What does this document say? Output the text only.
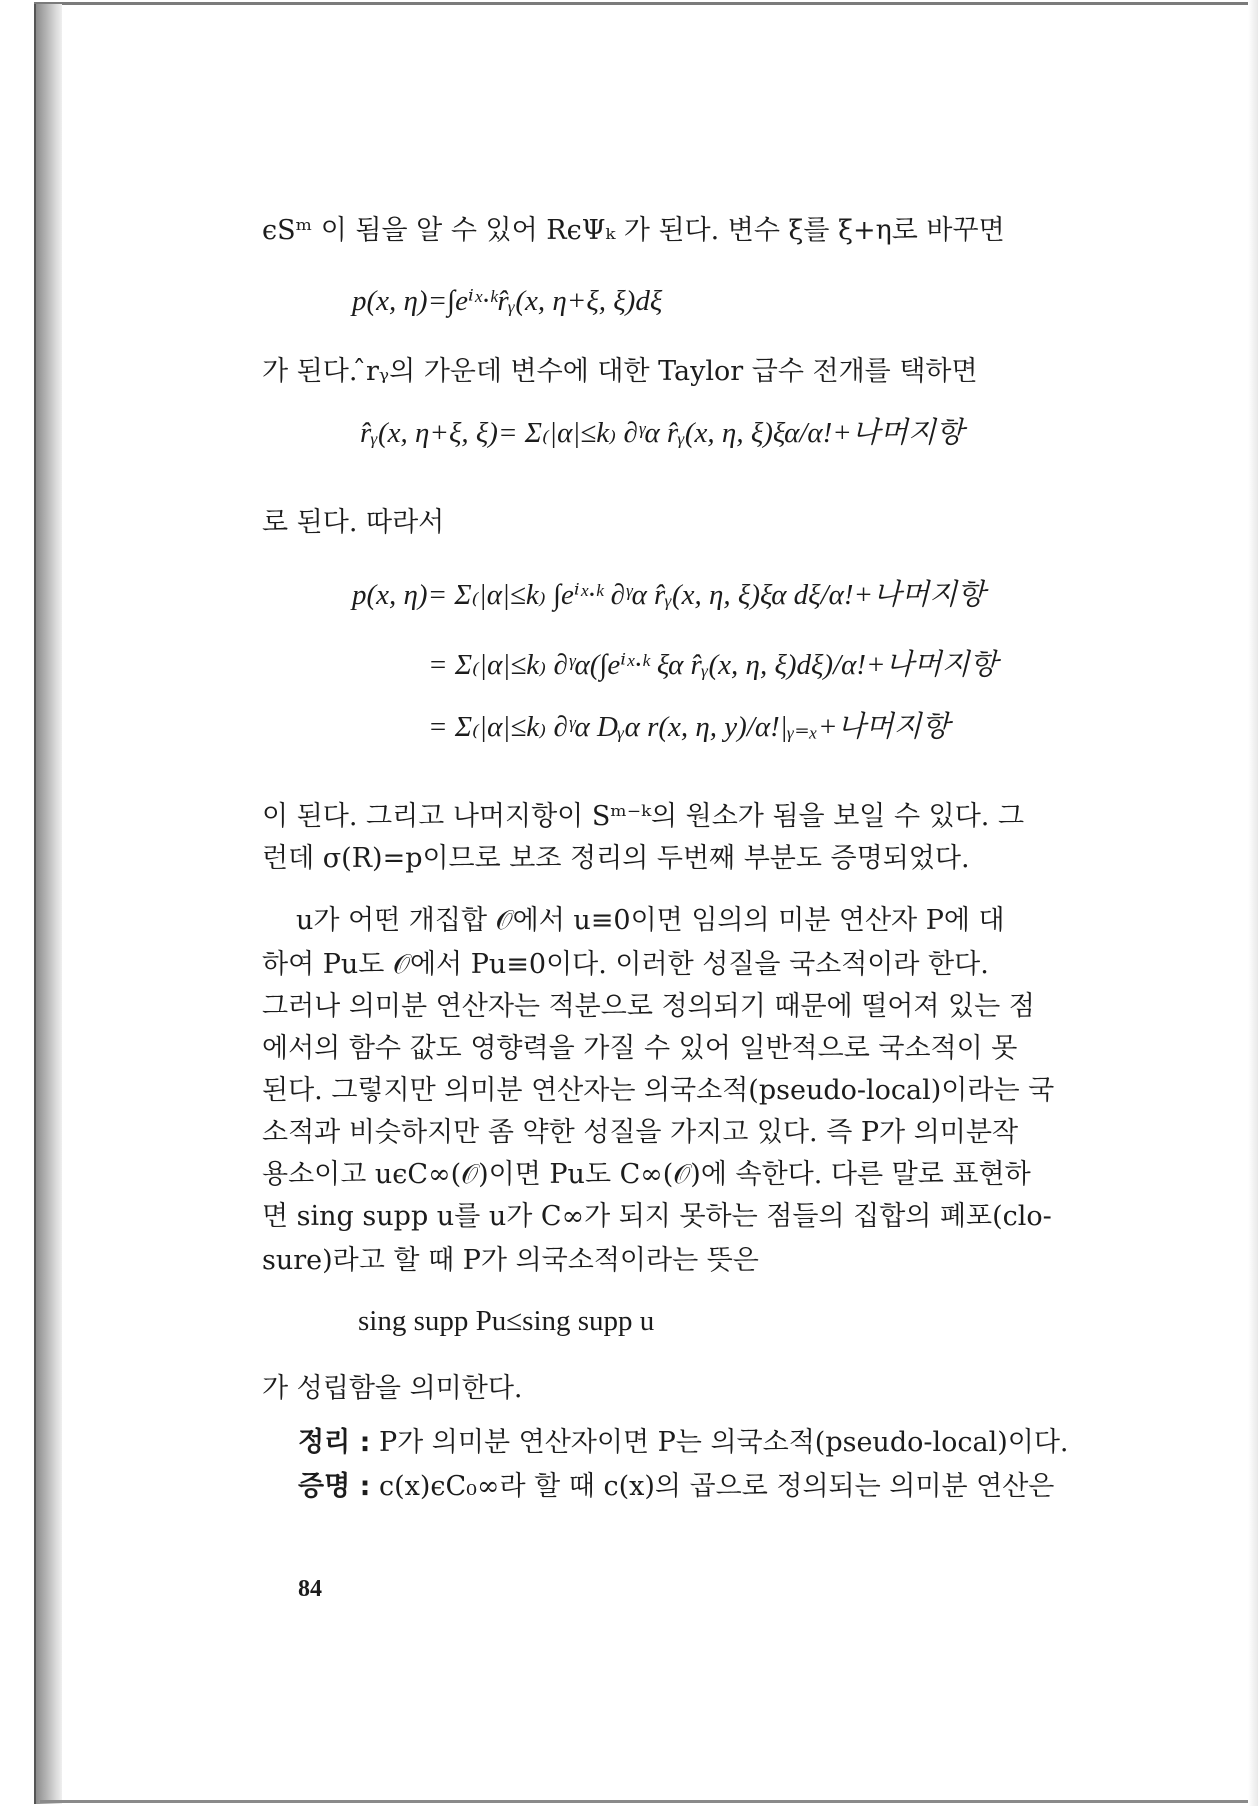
ϵSᵐ 이 됨을 알 수 있어 RϵΨₖ 가 된다. 변수 ξ를 ξ+η로 바꾸면
p(x, η)=∫eⁱˣ·ᵏ̂rᵧ(x, η+ξ, ξ)dξ
가 된다. ̂rᵧ의 가운데 변수에 대한 Taylor 급수 전개를 택하면
̂rᵧ(x, η+ξ, ξ)= Σ₍|α|≤k₎ ∂ᵞα ̂rᵧ(x, η, ξ)ξα/α!+나머지항
로 된다. 따라서
p(x, η)= Σ₍|α|≤k₎ ∫eⁱˣ·ᵏ ∂ᵞα ̂rᵧ(x, η, ξ)ξα dξ/α!+나머지항
= Σ₍|α|≤k₎ ∂ᵞα(∫eⁱˣ·ᵏ ξα ̂rᵧ(x, η, ξ)dξ)/α!+나머지항
= Σ₍|α|≤k₎ ∂ᵞα Dᵧα r(x, η, y)/α!|ᵧ₌ₓ+나머지항
이 된다. 그리고 나머지항이 Sᵐ⁻ᵏ의 원소가 됨을 보일 수 있다. 그
런데 σ(R)=p이므로 보조 정리의 두번째 부분도 증명되었다.
u가 어떤 개집합 𝒪에서 u≡0이면 임의의 미분 연산자 P에 대
하여 Pu도 𝒪에서 Pu≡0이다. 이러한 성질을 국소적이라 한다.
그러나 의미분 연산자는 적분으로 정의되기 때문에 떨어져 있는 점
에서의 함수 값도 영향력을 가질 수 있어 일반적으로 국소적이 못
된다. 그렇지만 의미분 연산자는 의국소적(pseudo-local)이라는 국
소적과 비슷하지만 좀 약한 성질을 가지고 있다. 즉 P가 의미분작
용소이고 uϵC∞(𝒪)이면 Pu도 C∞(𝒪)에 속한다. 다른 말로 표현하
면 sing supp u를 u가 C∞가 되지 못하는 점들의 집합의 폐포(clo-
sure)라고 할 때 P가 의국소적이라는 뜻은
sing supp Pu≤sing supp u
가 성립함을 의미한다.
정리 : P가 의미분 연산자이면 P는 의국소적(pseudo-local)이다.
증명 : c(x)ϵC₀∞라 할 때 c(x)의 곱으로 정의되는 의미분 연산은
84
